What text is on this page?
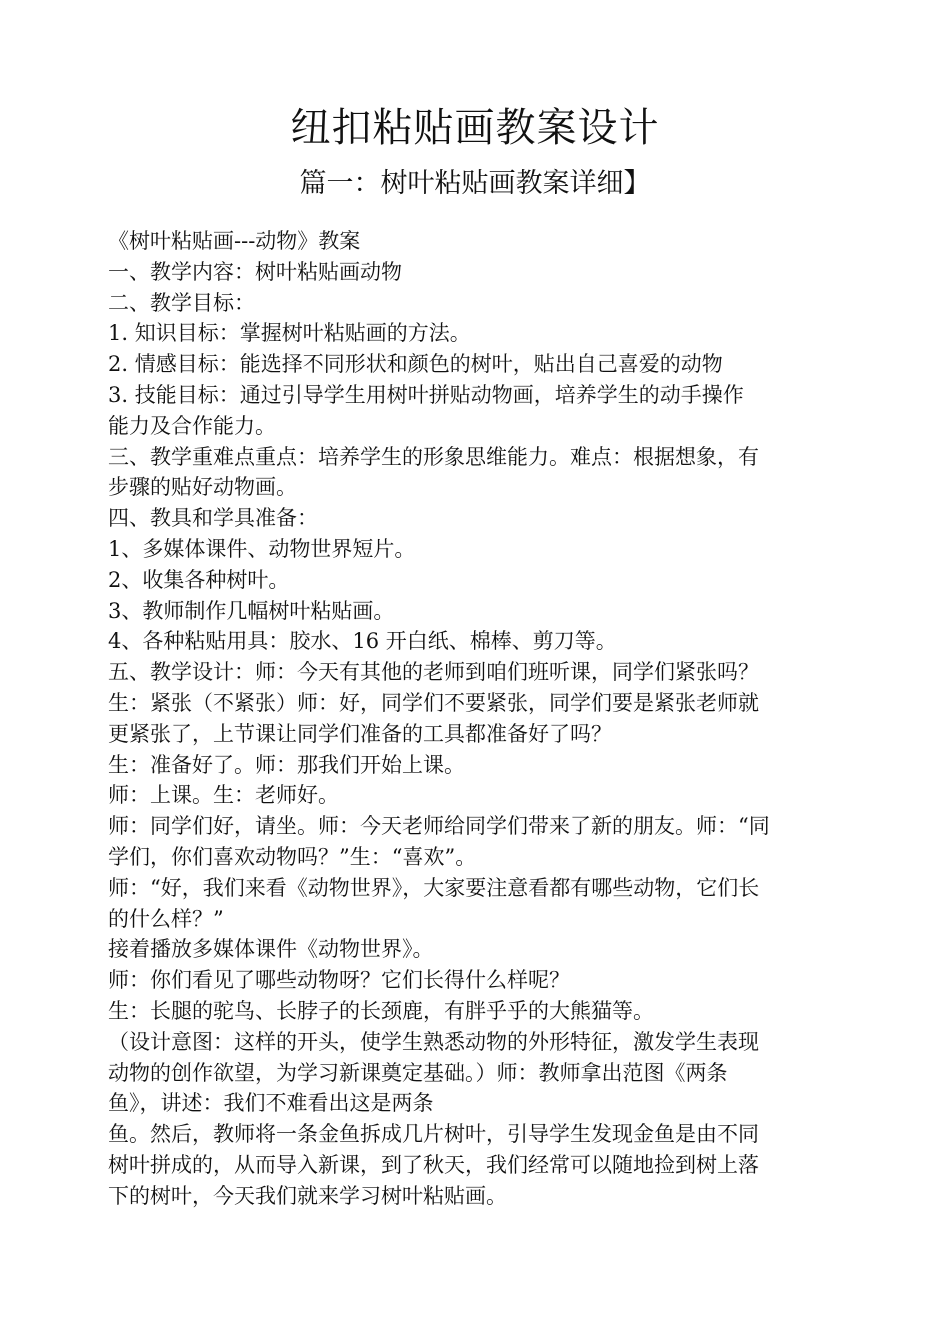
纽扣粘贴画教案设计
篇一：树叶粘贴画教案详细】
《树叶粘贴画---动物》教案
一、教学内容：树叶粘贴画动物
二、教学目标：
1. 知识目标：掌握树叶粘贴画的方法。
2. 情感目标：能选择不同形状和颜色的树叶，贴出自己喜爱的动物
3. 技能目标：通过引导学生用树叶拼贴动物画，培养学生的动手操作
能力及合作能力。
三、教学重难点重点：培养学生的形象思维能力。难点：根据想象，有
步骤的贴好动物画。
四、教具和学具准备：
1、多媒体课件、动物世界短片。
2、收集各种树叶。
3、教师制作几幅树叶粘贴画。
4、各种粘贴用具：胶水、16 开白纸、棉棒、剪刀等。
五、教学设计：师：今天有其他的老师到咱们班听课，同学们紧张吗？
生：紧张（不紧张）师：好，同学们不要紧张，同学们要是紧张老师就
更紧张了，上节课让同学们准备的工具都准备好了吗？
生：准备好了。师：那我们开始上课。
师：上课。生：老师好。
师：同学们好，请坐。师：今天老师给同学们带来了新的朋友。师：“同
学们，你们喜欢动物吗？”生：“喜欢”。
师：“好，我们来看《动物世界》，大家要注意看都有哪些动物，它们长
的什么样？”
接着播放多媒体课件《动物世界》。
师：你们看见了哪些动物呀？它们长得什么样呢？
生：长腿的驼鸟、长脖子的长颈鹿，有胖乎乎的大熊猫等。
（设计意图：这样的开头，使学生熟悉动物的外形特征，激发学生表现
动物的创作欲望，为学习新课奠定基础。）师：教师拿出范图《两条
鱼》，讲述：我们不难看出这是两条
鱼。然后，教师将一条金鱼拆成几片树叶，引导学生发现金鱼是由不同
树叶拼成的，从而导入新课，到了秋天，我们经常可以随地捡到树上落
下的树叶，今天我们就来学习树叶粘贴画。
